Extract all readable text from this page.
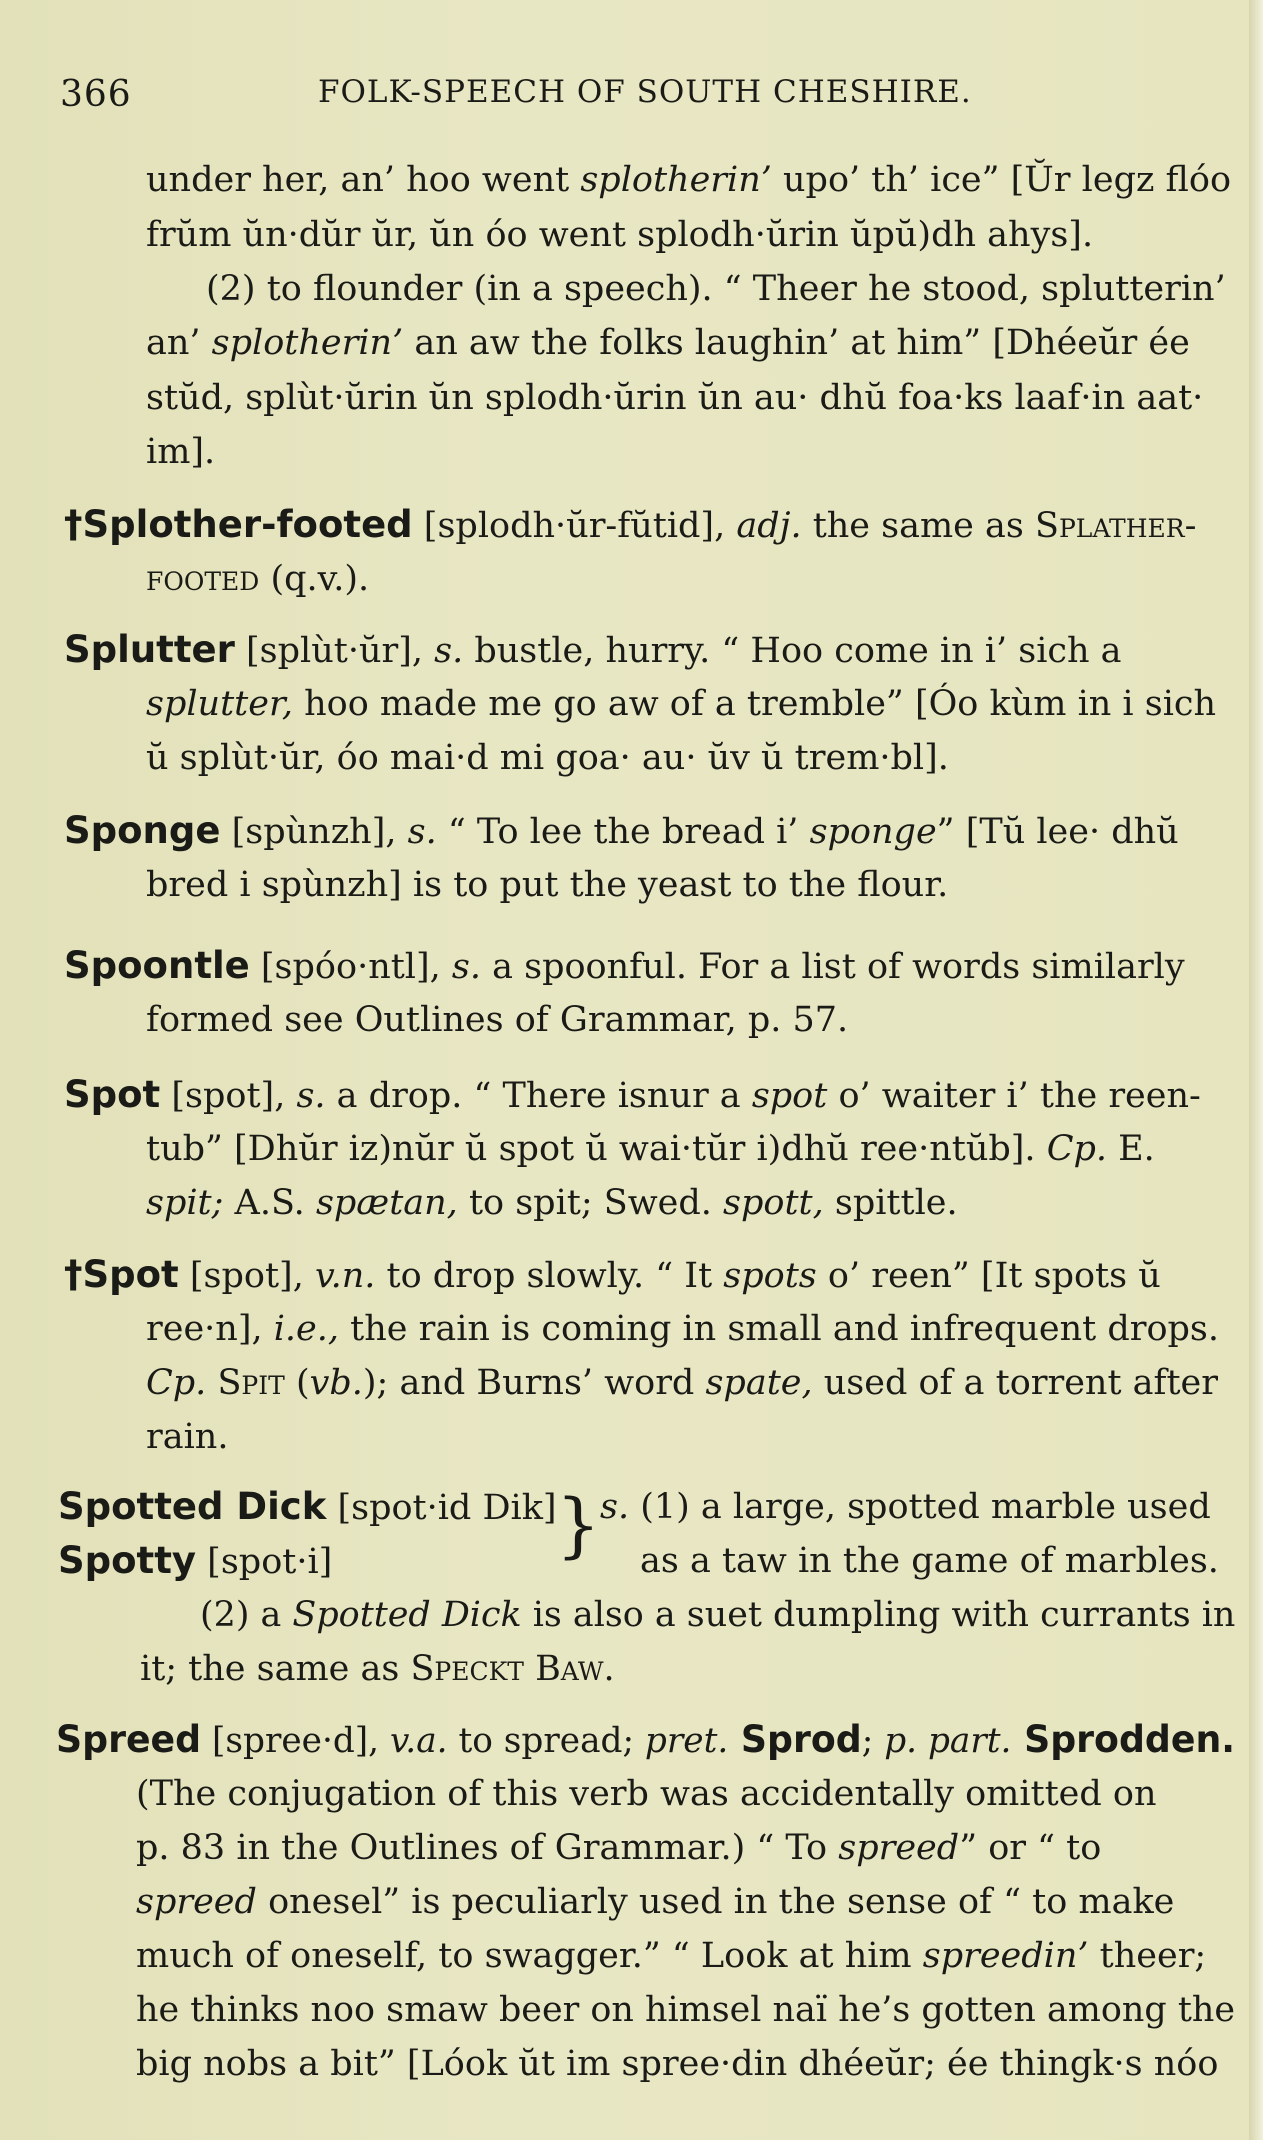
366	FOLK-SPEECH OF SOUTH CHESHIRE.
under her, an’ hoo went splotherin’ upo’ th’ ice” [Ŭr legz flóo
frŭm ŭn·dŭr ŭr, ŭn óo went splodh·ŭrin ŭpŭ)dh ahys].
(2) to flounder (in a speech). “ Theer he stood, splutterin’
an’ splotherin’ an aw the folks laughin’ at him” [Dhéeŭr ée
stŭd, splùt·ŭrin ŭn splodh·ŭrin ŭn au· dhŭ foa·ks laaf·in aat·
im].
†Splother-footed [splodh·ŭr-fŭtid], adj. the same as Splather-
footed (q.v.).
Splutter [splùt·ŭr], s. bustle, hurry. “ Hoo come in i’ sich a
splutter, hoo made me go aw of a tremble” [Óo kùm in i sich
ŭ splùt·ŭr, óo mai·d mi goa· au· ŭv ŭ trem·bl].
Sponge [spùnzh], s. “ To lee the bread i’ sponge” [Tŭ lee· dhŭ
bred i spùnzh] is to put the yeast to the flour.
Spoontle [spóo·ntl], s. a spoonful. For a list of words similarly
formed see Outlines of Grammar, p. 57.
Spot [spot], s. a drop. “ There isnur a spot o’ waiter i’ the reen-
tub” [Dhŭr iz)nŭr ŭ spot ŭ wai·tŭr i)dhŭ ree·ntŭb]. Cp. E.
spit; A.S. spætan, to spit; Swed. spott, spittle.
†Spot [spot], v.n. to drop slowly. “ It spots o’ reen” [It spots ŭ
ree·n], i.e., the rain is coming in small and infrequent drops.
Cp. Spit (vb.); and Burns’ word spate, used of a torrent after
rain.
Spotted Dick [spot·id Dik]
Spotty [spot·i]	} s. (1) a large, spotted marble used
as a taw in the game of marbles.
(2) a Spotted Dick is also a suet dumpling with currants in
it; the same as Speckt Baw.
Spreed [spree·d], v.a. to spread; pret. Sprod; p. part. Sprodden.
(The conjugation of this verb was accidentally omitted on
p. 83 in the Outlines of Grammar.) “ To spreed” or “ to
spreed onesel” is peculiarly used in the sense of “ to make
much of oneself, to swagger.” “ Look at him spreedin’ theer;
he thinks noo smaw beer on himsel naï he’s gotten among the
big nobs a bit” [Lóok ŭt im spree·din dhéeŭr; ée thingk·s nóo
